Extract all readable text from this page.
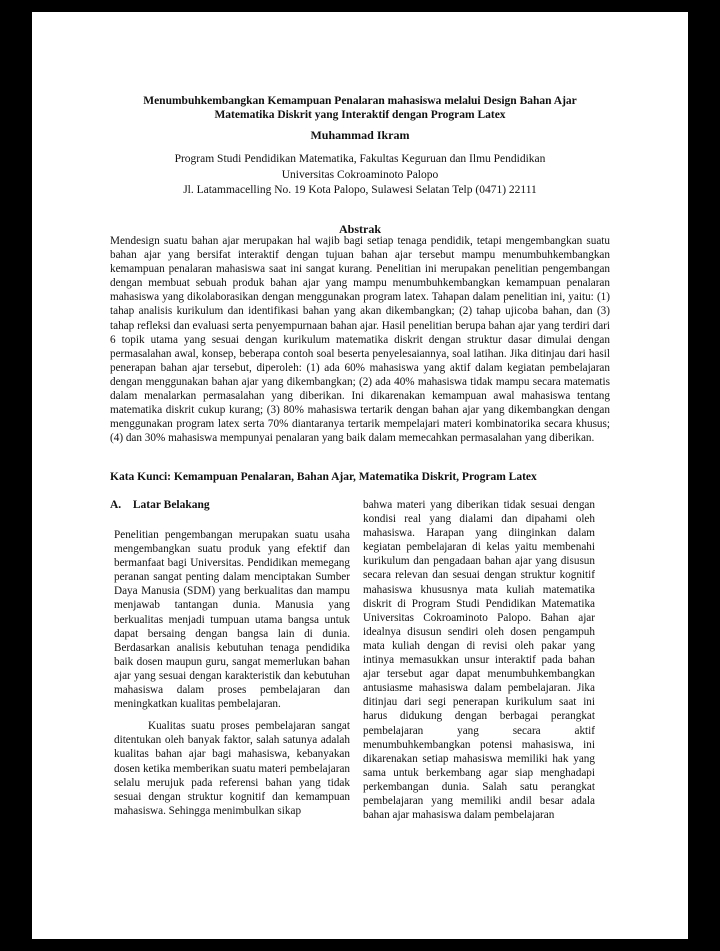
Menumbuhkembangkan Kemampuan Penalaran mahasiswa melalui Design Bahan Ajar
Matematika Diskrit yang Interaktif dengan Program Latex
Muhammad Ikram
Program Studi Pendidikan Matematika, Fakultas Keguruan dan Ilmu Pendidikan
Universitas Cokroaminoto Palopo
Jl. Latammacelling No. 19 Kota Palopo, Sulawesi Selatan Telp (0471) 22111
Abstrak

Mendesign suatu bahan ajar merupakan hal wajib bagi setiap tenaga pendidik, tetapi mengembangkan suatu bahan ajar yang bersifat interaktif dengan tujuan bahan ajar tersebut mampu menumbuhkembangkan kemampuan penalaran mahasiswa saat ini sangat kurang. Penelitian ini merupakan penelitian pengembangan dengan membuat sebuah produk bahan ajar yang mampu menumbuhkembangkan kemampuan penalaran mahasiswa yang dikolaborasikan dengan menggunakan program latex. Tahapan dalam penelitian ini, yaitu: (1) tahap analisis kurikulum dan identifikasi bahan yang akan dikembangkan; (2) tahap ujicoba bahan, dan (3) tahap refleksi dan evaluasi serta penyempurnaan bahan ajar. Hasil penelitian berupa bahan ajar yang terdiri dari 6 topik utama yang sesuai dengan kurikulum matematika diskrit dengan struktur dasar dimulai dengan permasalahan awal, konsep, beberapa contoh soal beserta penyelesaiannya, soal latihan. Jika ditinjau dari hasil penerapan bahan ajar tersebut, diperoleh: (1) ada 60% mahasiswa yang aktif dalam kegiatan pembelajaran dengan menggunakan bahan ajar yang dikembangkan; (2) ada 40% mahasiswa tidak mampu secara matematis dalam menalarkan permasalahan yang diberikan. Ini dikarenakan kemampuan awal mahasiswa tentang matematika diskrit cukup kurang; (3) 80% mahasiswa tertarik dengan bahan ajar yang dikembangkan dengan menggunakan program latex serta 70% diantaranya tertarik mempelajari materi kombinatorika secara khusus; (4) dan 30% mahasiswa mempunyai penalaran yang baik dalam memecahkan permasalahan yang diberikan.

Kata Kunci: Kemampuan Penalaran, Bahan Ajar, Matematika Diskrit, Program Latex
A. Latar Belakang

Penelitian pengembangan merupakan suatu usaha mengembangkan suatu produk yang efektif dan bermanfaat bagi Universitas. Pendidikan memegang peranan sangat penting dalam menciptakan Sumber Daya Manusia (SDM) yang berkualitas dan mampu menjawab tantangan dunia. Manusia yang berkualitas menjadi tumpuan utama bangsa untuk dapat bersaing dengan bangsa lain di dunia. Berdasarkan analisis kebutuhan tenaga pendidika baik dosen maupun guru, sangat memerlukan bahan ajar yang sesuai dengan karakteristik dan kebutuhan mahasiswa dalam proses pembelajaran dan meningkatkan kualitas pembelajaran.

Kualitas suatu proses pembelajaran sangat ditentukan oleh banyak faktor, salah satunya adalah kualitas bahan ajar bagi mahasiswa, kebanyakan dosen ketika memberikan suatu materi pembelajaran selalu merujuk pada referensi bahan yang tidak sesuai dengan struktur kognitif dan kemampuan mahasiswa. Sehingga menimbulkan sikap

bahwa materi yang diberikan tidak sesuai dengan kondisi real yang dialami dan dipahami oleh mahasiswa. Harapan yang diinginkan dalam kegiatan pembelajaran di kelas yaitu membenahi kurikulum dan pengadaan bahan ajar yang disusun secara relevan dan sesuai dengan struktur kognitif mahasiswa khususnya mata kuliah matematika diskrit di Program Studi Pendidikan Matematika Universitas Cokroaminoto Palopo. Bahan ajar idealnya disusun sendiri oleh dosen pengampuh mata kuliah dengan di revisi oleh pakar yang intinya memasukkan unsur interaktif pada bahan ajar tersebut agar dapat menumbuhkembangkan antusiasme mahasiswa dalam pembelajaran. Jika ditinjau dari segi penerapan kurikulum saat ini harus didukung dengan berbagai perangkat pembelajaran yang secara aktif menumbuhkembangkan potensi mahasiswa, ini dikarenakan setiap mahasiswa memiliki hak yang sama untuk berkembang agar siap menghadapi perkembangan dunia. Salah satu perangkat pembelajaran yang memiliki andil besar adala bahan ajar mahasiswa dalam pembelajaran
